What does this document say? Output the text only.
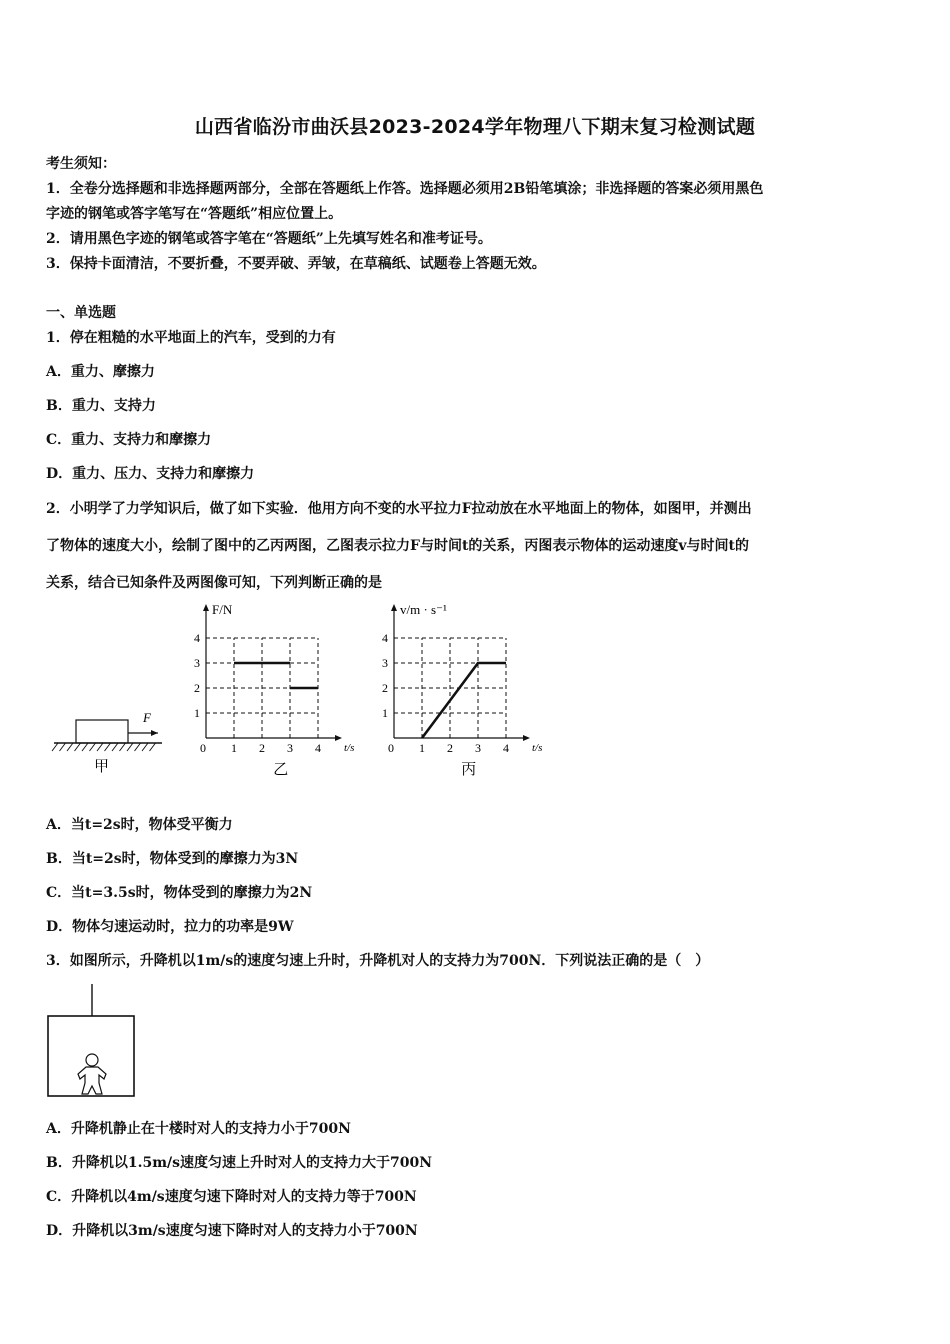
山西省临汾市曲沃县2023-2024学年物理八下期末复习检测试题
考生须知：
1．全卷分选择题和非选择题两部分，全部在答题纸上作答。选择题必须用2B铅笔填涂；非选择题的答案必须用黑色
字迹的钢笔或答字笔写在“答题纸”相应位置上。
2．请用黑色字迹的钢笔或答字笔在“答题纸”上先填写姓名和准考证号。
3．保持卡面清洁，不要折叠，不要弄破、弄皱，在草稿纸、试题卷上答题无效。
一、单选题
1．停在粗糙的水平地面上的汽车，受到的力有
A．重力、摩擦力
B．重力、支持力
C．重力、支持力和摩擦力
D．重力、压力、支持力和摩擦力
2．小明学了力学知识后，做了如下实验．他用方向不变的水平拉力F拉动放在水平地面上的物体，如图甲，并测出
了物体的速度大小，绘制了图中的乙丙两图，乙图表示拉力F与时间t的关系，丙图表示物体的运动速度v与时间t的
关系，结合已知条件及两图像可知，下列判断正确的是
F
甲
0 1 2 3 4
1
2
3
4
t/s
F/N
乙
0 1 2 3 4
1
2
3
4
t/s
v/m · s⁻¹
丙
A．当t=2s时，物体受平衡力
B．当t=2s时，物体受到的摩擦力为3N
C．当t=3.5s时，物体受到的摩擦力为2N
D．物体匀速运动时，拉力的功率是9W
3．如图所示，升降机以1m/s的速度匀速上升时，升降机对人的支持力为700N．下列说法正确的是（　）
A．升降机静止在十楼时对人的支持力小于700N
B．升降机以1.5m/s速度匀速上升时对人的支持力大于700N
C．升降机以4m/s速度匀速下降时对人的支持力等于700N
D．升降机以3m/s速度匀速下降时对人的支持力小于700N
